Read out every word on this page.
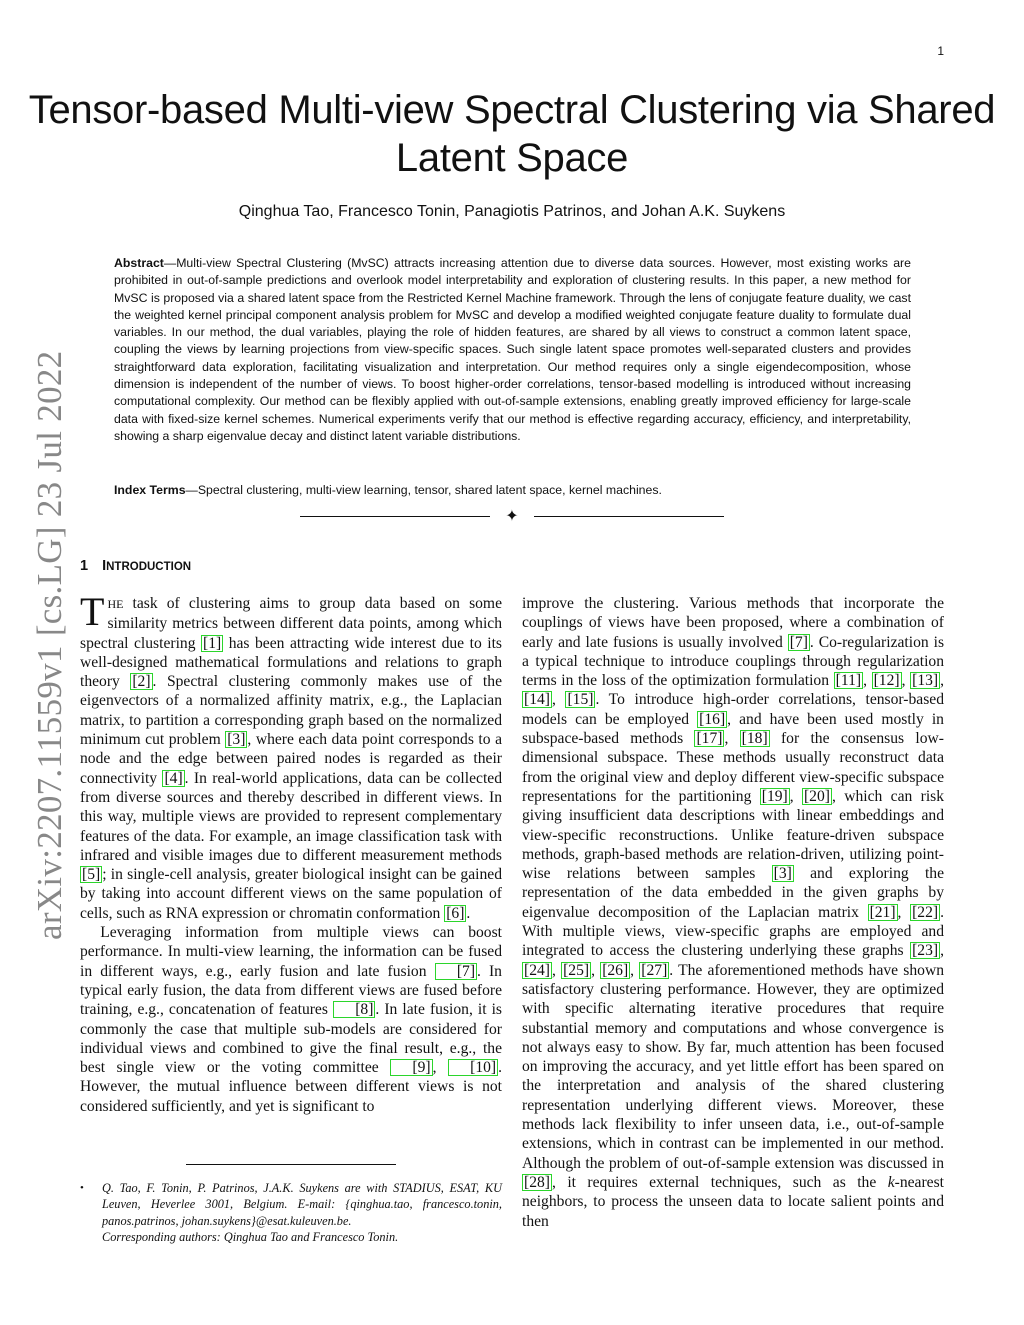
1
Tensor-based Multi-view Spectral Clustering via Shared Latent Space
Qinghua Tao, Francesco Tonin, Panagiotis Patrinos, and Johan A.K. Suykens

Abstract—Multi-view Spectral Clustering (MvSC) attracts increasing attention due to diverse data sources. However, most existing works are prohibited in out-of-sample predictions and overlook model interpretability and exploration of clustering results. In this paper, a new method for MvSC is proposed via a shared latent space from the Restricted Kernel Machine framework. Through the lens of conjugate feature duality, we cast the weighted kernel principal component analysis problem for MvSC and develop a modified weighted conjugate feature duality to formulate dual variables. In our method, the dual variables, playing the role of hidden features, are shared by all views to construct a common latent space, coupling the views by learning projections from view-specific spaces. Such single latent space promotes well-separated clusters and provides straightforward data exploration, facilitating visualization and interpretation. Our method requires only a single eigendecomposition, whose dimension is independent of the number of views. To boost higher-order correlations, tensor-based modelling is introduced without increasing computational complexity. Our method can be flexibly applied with out-of-sample extensions, enabling greatly improved efficiency for large-scale data with fixed-size kernel schemes. Numerical experiments verify that our method is effective regarding accuracy, efficiency, and interpretability, showing a sharp eigenvalue decay and distinct latent variable distributions.

Index Terms—Spectral clustering, multi-view learning, tensor, shared latent space, kernel machines.

✦
arXiv:2207.11559v1 [cs.LG] 23 Jul 2022 1 INTRODUCTION

THE task of clustering aims to group data based on some similarity metrics between different data points, among which spectral clustering [1] has been attracting wide interest due to its well-designed mathematical formulations and relations to graph theory [2] . Spectral clustering commonly makes use of the eigenvectors of a normalized affinity matrix, e.g., the Laplacian matrix, to partition a corresponding graph based on the normalized minimum cut problem [3] , where each data point corresponds to a node and the edge between paired nodes is regarded as their connectivity [4] . In real-world applications, data can be collected from diverse sources and thereby described in different views. In this way, multiple views are provided to represent complementary features of the data. For example, an image classification task with infrared and visible images due to different measurement methods [5] ; in single-cell analysis, greater biological insight can be gained by taking into account different views on the same population of cells, such as RNA expression or chromatin conformation [6] .

Leveraging information from multiple views can boost performance. In multi-view learning, the information can be fused in different ways, e.g., early fusion and late fusion [7] . In typical early fusion, the data from different views are fused before training, e.g., concatenation of features [8] . In late fusion, it is commonly the case that multiple sub-models are considered for individual views and combined to give the final result, e.g., the best single view or the voting committee [9] , [10] . However, the mutual influence between different views is not considered sufficiently, and yet is significant to

improve the clustering. Various methods that incorporate the couplings of views have been proposed, where a combination of early and late fusions is usually involved [7] . Co-regularization is a typical technique to introduce couplings through regularization terms in the loss of the optimization formulation [11] , [12] , [13] , [14] , [15] . To introduce high-order correlations, tensor-based models can be employed [16] , and have been used mostly in subspace-based methods [17] , [18] for the consensus low-dimensional subspace. These methods usually reconstruct data from the original view and deploy different view-specific subspace representations for the partitioning [19] , [20] , which can risk giving insufficient data descriptions with linear embeddings and view-specific reconstructions. Unlike feature-driven subspace methods, graph-based methods are relation-driven, utilizing point-wise relations between samples [3] and exploring the representation of the data embedded in the given graphs by eigenvalue decomposition of the Laplacian matrix [21] , [22] . With multiple views, view-specific graphs are employed and integrated to access the clustering underlying these graphs [23] , [24] , [25] , [26] , [27] . The aforementioned methods have shown satisfactory clustering performance. However, they are optimized with specific alternating iterative procedures that require substantial memory and computations and whose convergence is not always easy to show. By far, much attention has been focused on improving the accuracy, and yet little effort has been spared on the interpretation and analysis of the shared clustering representation underlying different views. Moreover, these methods lack flexibility to infer unseen data, i.e., out-of-sample extensions, which in contrast can be implemented in our method. Although the problem of out-of-sample extension was discussed in [28] , it requires external techniques, such as the k-nearest neighbors, to process the unseen data to locate salient points and then

• Q. Tao, F. Tonin, P. Patrinos, J.A.K. Suykens are with STADIUS, ESAT, KU Leuven, Heverlee 3001, Belgium. E-mail: {qinghua.tao, francesco.tonin, panos.patrinos, johan.suykens}@esat.kuleuven.be.
Corresponding authors: Qinghua Tao and Francesco Tonin.
